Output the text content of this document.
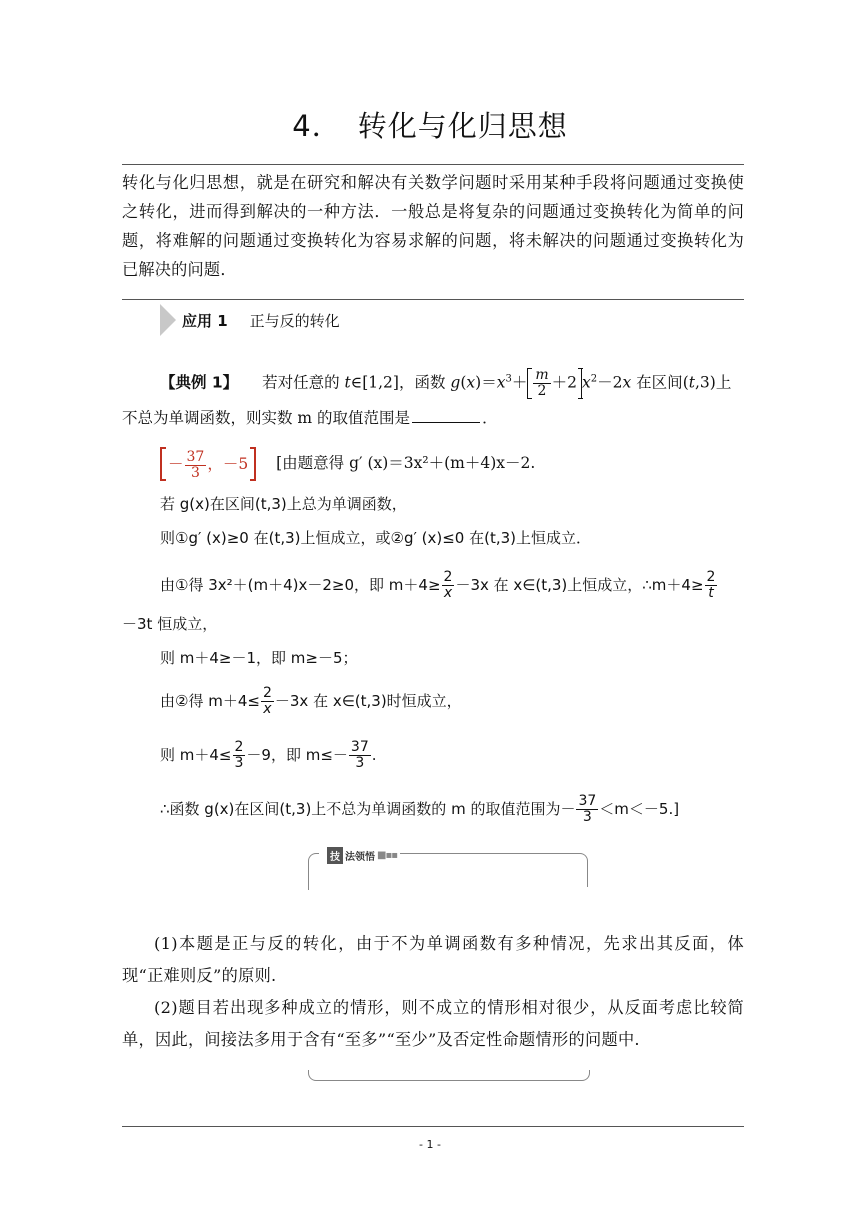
4． 转化与化归思想
转化与化归思想，就是在研究和解决有关数学问题时采用某种手段将问题通过变换使之转化，进而得到解决的一种方法．一般总是将复杂的问题通过变换转化为简单的问题，将难解的问题通过变换转化为容易求解的问题，将未解决的问题通过变换转化为已解决的问题．
应用 1 正与反的转化
【典例 1】 若对任意的 t∈[1,2]，函数 $g(x)=x^3+ \frac{m}{2} +2$ $x^2-2x$ 在区间(t,3)上
不总为单调函数，则实数 m 的取值范围是	．
－ $\frac{37}{3}$ ，－5 [由题意得 g′ (x)＝3x²＋(m＋4)x－2.
若 g(x)在区间(t,3)上总为单调函数，
则①g′ (x)≥0 在(t,3)上恒成立，或②g′ (x)≤0 在(t,3)上恒成立．
由①得 3x²＋(m＋4)x－2≥0，即 $m+4\ge \frac{2}{x} -3x$ 在 x∈(t,3)上恒成立，∴m＋4≥ $\frac{2}{t}$
－3t 恒成立，
则 m＋4≥－1，即 m≥－5；
由②得 $m+4\le \frac{2}{x} -3x$ 在 x∈(t,3)时恒成立，
则 $m+4\le \frac{2}{3} -9$，即 $m\le- \frac{37}{3}$ .
∴函数 g(x)在区间(t,3)上不总为单调函数的 m 的取值范围为－ $\frac{37}{3} <m<-5$.]
技 法领悟 ■▪▪
(1)本题是正与反的转化，由于不为单调函数有多种情况，先求出其反面，体现“正难则反”的原则.
(2)题目若出现多种成立的情形，则不成立的情形相对很少，从反面考虑比较简单，因此，间接法多用于含有“至多”“至少”及否定性命题情形的问题中.
- 1 -
